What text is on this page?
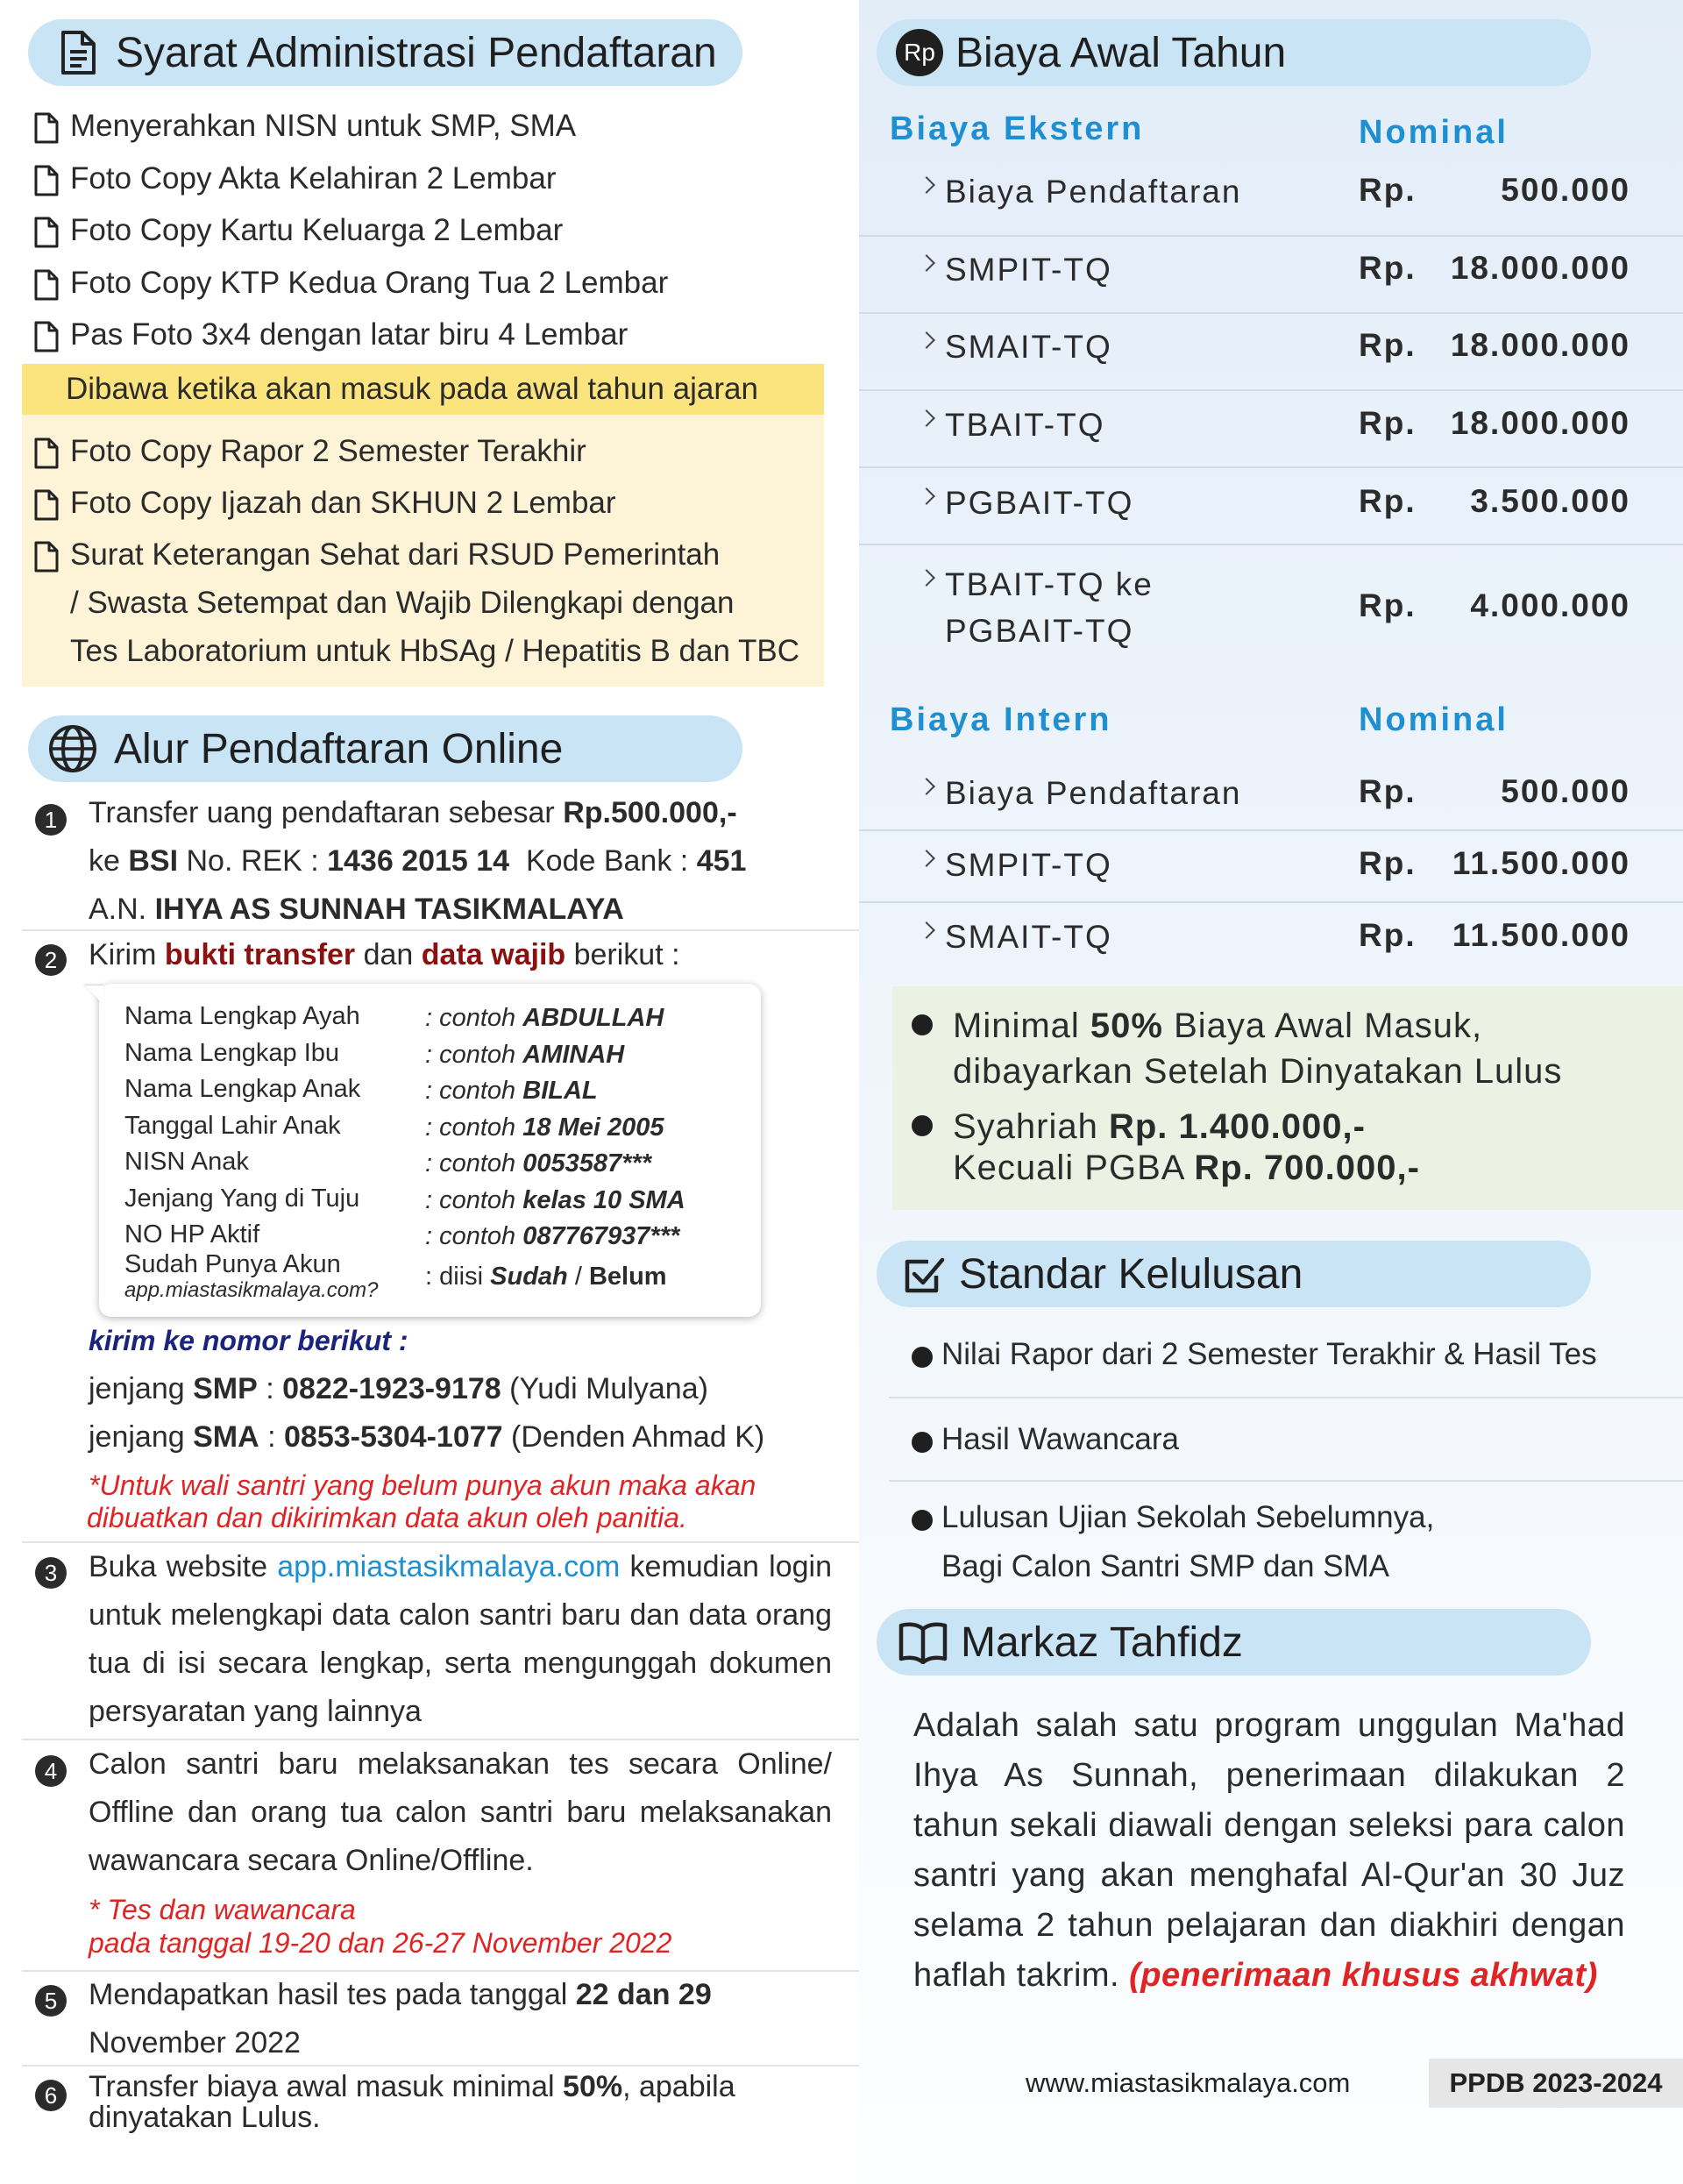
Syarat Administrasi Pendaftaran
Menyerahkan NISN untuk SMP, SMA
Foto Copy Akta Kelahiran 2 Lembar
Foto Copy Kartu Keluarga 2 Lembar
Foto Copy KTP Kedua Orang Tua 2 Lembar
Pas Foto 3x4 dengan latar biru 4 Lembar
Dibawa ketika akan masuk pada awal tahun ajaran
Foto Copy Rapor 2 Semester Terakhir
Foto Copy Ijazah dan SKHUN 2 Lembar
Surat Keterangan Sehat dari RSUD Pemerintah
/ Swasta Setempat dan Wajib Dilengkapi dengan
Tes Laboratorium untuk HbSAg / Hepatitis B dan TBC
Alur Pendaftaran Online
1	Transfer uang pendaftaran sebesar Rp.500.000,-
ke BSI No. REK : 1436 2015 14  Kode Bank : 451
A.N. IHYA AS SUNNAH TASIKMALAYA
2	Kirim bukti transfer dan data wajib berikut :
Nama Lengkap Ayah	: contoh ABDULLAH
Nama Lengkap Ibu	: contoh AMINAH
Nama Lengkap Anak	: contoh BILAL
Tanggal Lahir Anak	: contoh 18 Mei 2005
NISN Anak	: contoh 0053587***
Jenjang Yang di Tuju	: contoh kelas 10 SMA
NO HP Aktif	: contoh 087767937***
Sudah Punya Akun
app.miastasikmalaya.com? : diisi Sudah / Belum
kirim ke nomor berikut :
jenjang SMP : 0822-1923-9178 (Yudi Mulyana)
jenjang SMA : 0853-5304-1077 (Denden Ahmad K)
*Untuk wali santri yang belum punya akun maka akan
dibuatkan dan dikirimkan data akun oleh panitia.
3	Buka website app.miastasikmalaya.com kemudian login untuk melengkapi data calon santri baru dan data orang tua di isi secara lengkap, serta mengunggah dokumen persyaratan yang lainnya
4	Calon santri baru melaksanakan tes secara Online/ Offline dan orang tua calon santri baru melaksanakan wawancara secara Online/Offline.
* Tes dan wawancara
pada tanggal 19-20 dan 26-27 November 2022
5	Mendapatkan hasil tes pada tanggal 22 dan 29
November 2022
6	Transfer biaya awal masuk minimal 50%, apabila
dinyatakan Lulus.
Rp Biaya Awal Tahun
Biaya Ekstern	Nominal
Biaya Pendaftaran	Rp.	500.000
SMPIT-TQ	Rp. 18.000.000
SMAIT-TQ	Rp. 18.000.000
TBAIT-TQ	Rp. 18.000.000
PGBAIT-TQ	Rp. 3.500.000
TBAIT-TQ ke
PGBAIT-TQ
Rp. 4.000.000
Biaya Intern	Nominal
Biaya Pendaftaran	Rp.	500.000
SMPIT-TQ	Rp. 11.500.000
SMAIT-TQ	Rp. 11.500.000
Minimal 50% Biaya Awal Masuk,
dibayarkan Setelah Dinyatakan Lulus
Syahriah Rp. 1.400.000,-
Kecuali PGBA Rp. 700.000,-
Standar Kelulusan
Nilai Rapor dari 2 Semester Terakhir & Hasil Tes
Hasil Wawancara
Lulusan Ujian Sekolah Sebelumnya,
Bagi Calon Santri SMP dan SMA
Markaz Tahfidz
Adalah salah satu program unggulan Ma'had Ihya As Sunnah, penerimaan dilakukan 2 tahun sekali diawali dengan seleksi para calon santri yang akan menghafal Al-Qur'an 30 Juz selama 2 tahun pelajaran dan diakhiri dengan haflah takrim. (penerimaan khusus akhwat)
www.miastasikmalaya.com	PPDB 2023-2024
